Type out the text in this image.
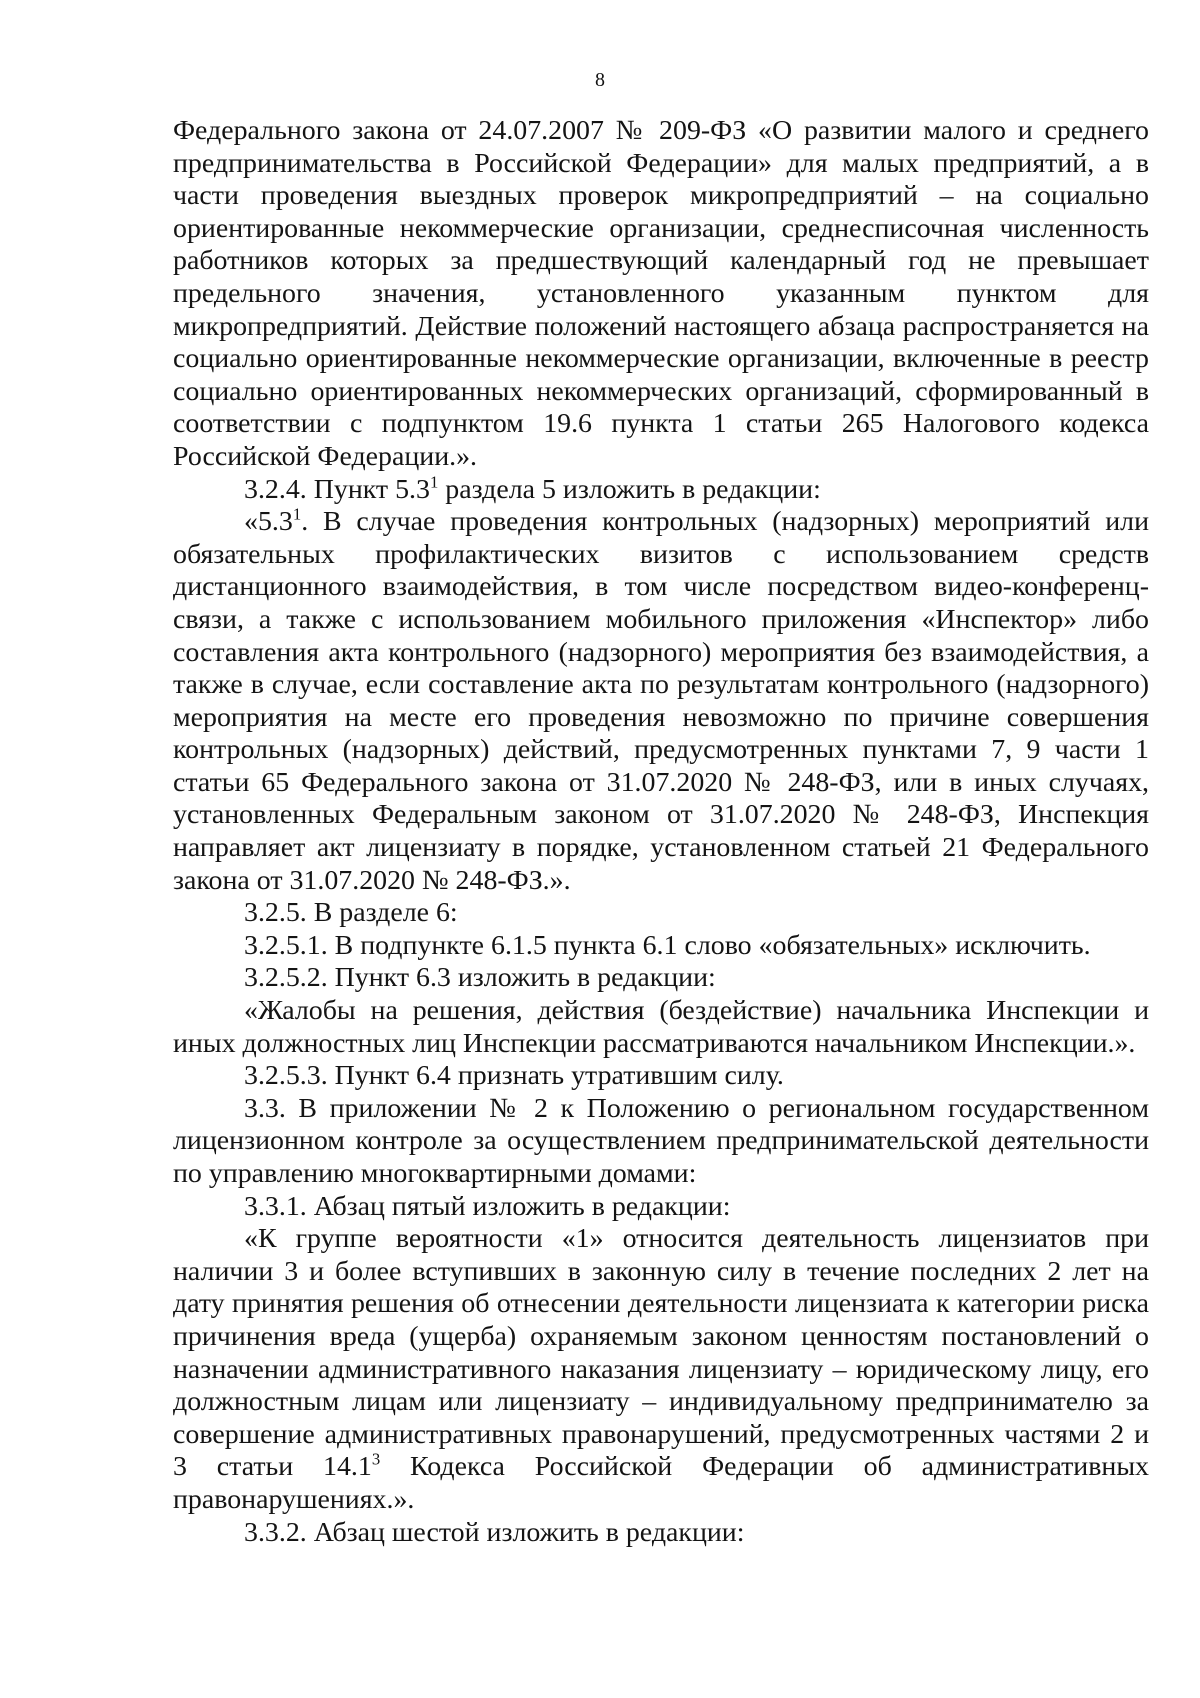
8

Федерального закона от 24.07.2007 № 209-ФЗ «О развитии малого и среднего предпринимательства в Российской Федерации» для малых предприятий, а в части проведения выездных проверок микропредприятий – на социально ориентированные некоммерческие организации, среднесписочная численность работников которых за предшествующий календарный год не превышает предельного значения, установленного указанным пунктом для микропредприятий. Действие положений настоящего абзаца распространяется на социально ориентированные некоммерческие организации, включенные в реестр социально ориентированных некоммерческих организаций, сформированный в соответствии с подпунктом 19.6 пункта 1 статьи 265 Налогового кодекса Российской Федерации.».

3.2.4. Пункт $5.3^1$ раздела 5 изложить в редакции:

«$5.3^1$. В случае проведения контрольных (надзорных) мероприятий или обязательных профилактических визитов с использованием средств дистанционного взаимодействия, в том числе посредством видео-конференц-связи, а также с использованием мобильного приложения «Инспектор» либо составления акта контрольного (надзорного) мероприятия без взаимодействия, а также в случае, если составление акта по результатам контрольного (надзорного) мероприятия на месте его проведения невозможно по причине совершения контрольных (надзорных) действий, предусмотренных пунктами 7, 9 части 1 статьи 65 Федерального закона от 31.07.2020 № 248-ФЗ, или в иных случаях, установленных Федеральным законом от 31.07.2020 № 248-ФЗ, Инспекция направляет акт лицензиату в порядке, установленном статьей 21 Федерального закона от 31.07.2020 № 248-ФЗ.».

3.2.5. В разделе 6:

3.2.5.1. В подпункте 6.1.5 пункта 6.1 слово «обязательных» исключить.

3.2.5.2. Пункт 6.3 изложить в редакции:

«Жалобы на решения, действия (бездействие) начальника Инспекции и иных должностных лиц Инспекции рассматриваются начальником Инспекции.».

3.2.5.3. Пункт 6.4 признать утратившим силу.

3.3. В приложении № 2 к Положению о региональном государственном лицензионном контроле за осуществлением предпринимательской деятельности по управлению многоквартирными домами:

3.3.1. Абзац пятый изложить в редакции:

«К группе вероятности «1» относится деятельность лицензиатов при наличии 3 и более вступивших в законную силу в течение последних 2 лет на дату принятия решения об отнесении деятельности лицензиата к категории риска причинения вреда (ущерба) охраняемым законом ценностям постановлений о назначении административного наказания лицензиату – юридическому лицу, его должностным лицам или лицензиату – индивидуальному предпринимателю за совершение административных правонарушений, предусмотренных частями 2 и 3 статьи 14.1$^3$ Кодекса Российской Федерации об административных правонарушениях.».

3.3.2. Абзац шестой изложить в редакции:
